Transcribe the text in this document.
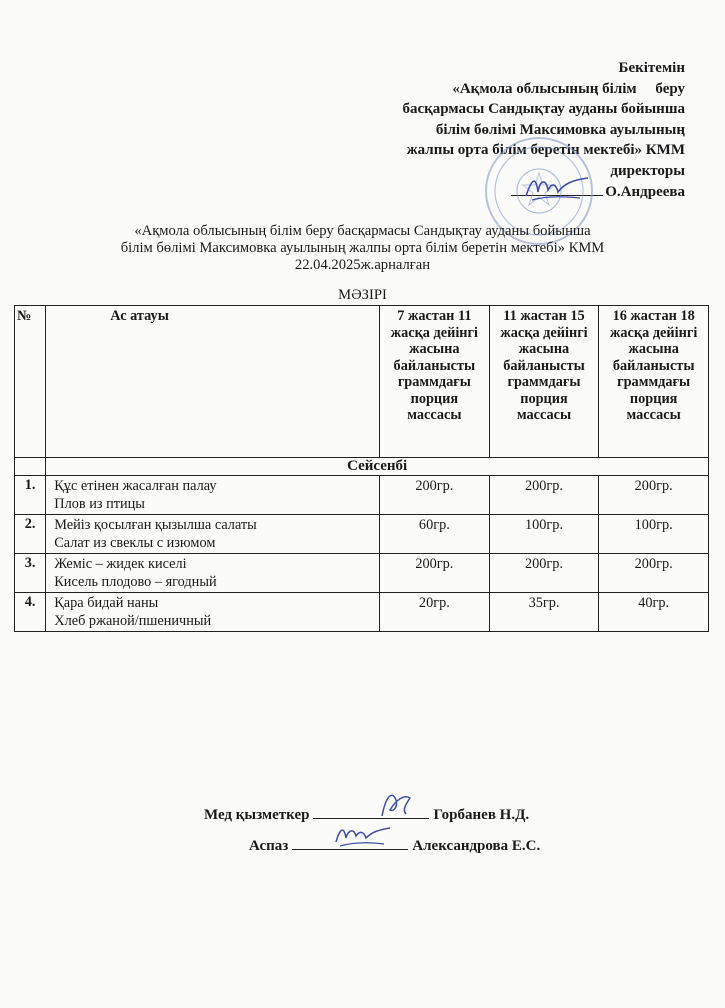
Бекітемін
«Ақмола облысының білім     беру
басқармасы Сандықтау ауданы бойынша
білім бөлімі Максимовка ауылының
жалпы орта білім беретін мектебі» КММ
директоры
О.Андреева
«Ақмола облысының білім беру басқармасы Сандықтау ауданы бойынша
білім бөлімі Максимовка ауылының жалпы орта білім беретін мектебі» КММ
22.04.2025ж.арналған
МӘЗІРІ
№	Ас атауы	7 жастан 11 жасқа дейінгі жасына байланысты граммдағы порция массасы	11 жастан 15 жасқа дейінгі жасына байланысты граммдағы порция массасы	16 жастан 18 жасқа дейінгі жасына байланысты граммдағы порция массасы
	Сейсенбі			
1.	Құс етінен жасалған палау
Плов из птицы	200гр.	200гр.	200гр.
2.	Мейіз қосылған қызылша салаты
Салат из свеклы с изюмом	60гр.	100гр.	100гр.
3.	Жеміс – жидек киселі
Кисель плодово – ягодный	200гр.	200гр.	200гр.
4.	Қара бидай наны
Хлеб ржаной/пшеничный	20гр.	35гр.	40гр.
Мед қызметкер	Горбанев Н.Д.
Аспаз	Александрова Е.С.
